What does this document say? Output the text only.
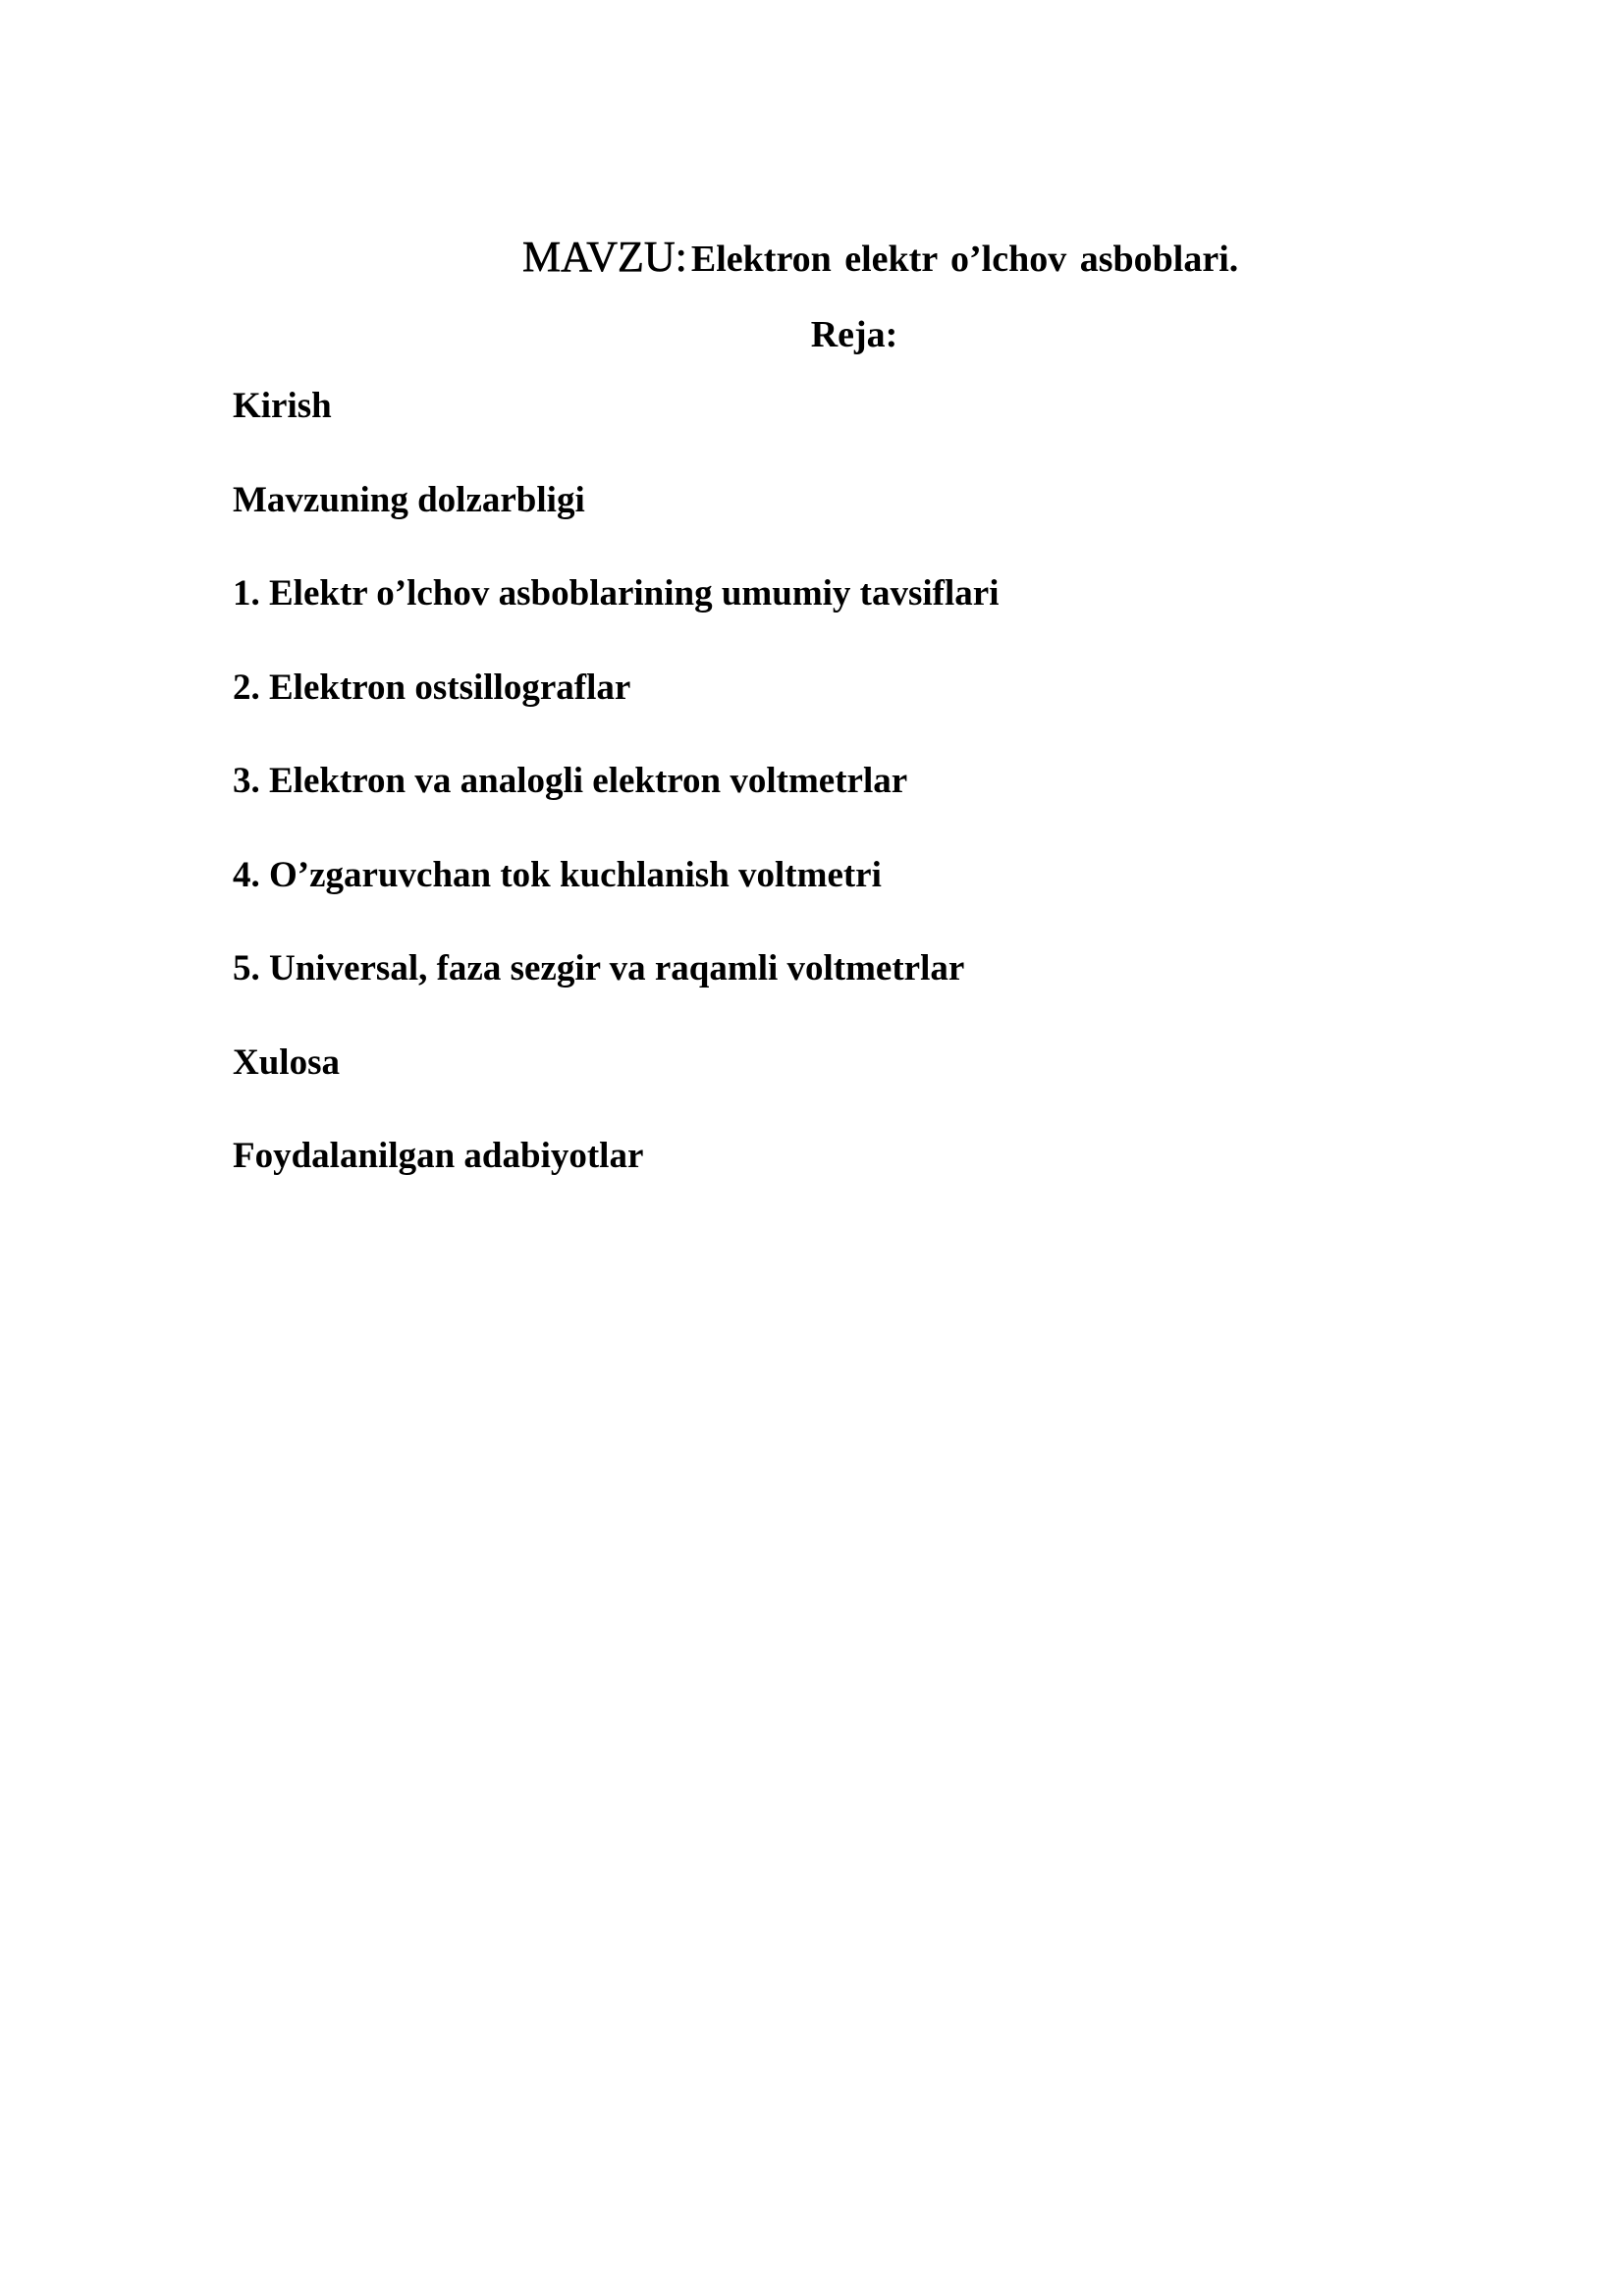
MAVZU: Elektron elektr o’lchov asboblari.
Reja:
Kirish
Mavzuning dolzarbligi
1. Elektr o’lchov asboblarining umumiy tavsiflari
2. Elektron ostsillograflar
3. Elektron va analogli elektron voltmetrlar
4. O’zgaruvchan tok kuchlanish voltmetri
5. Universal, faza sezgir va raqamli voltmetrlar
Xulosa
Foydalanilgan adabiyotlar
